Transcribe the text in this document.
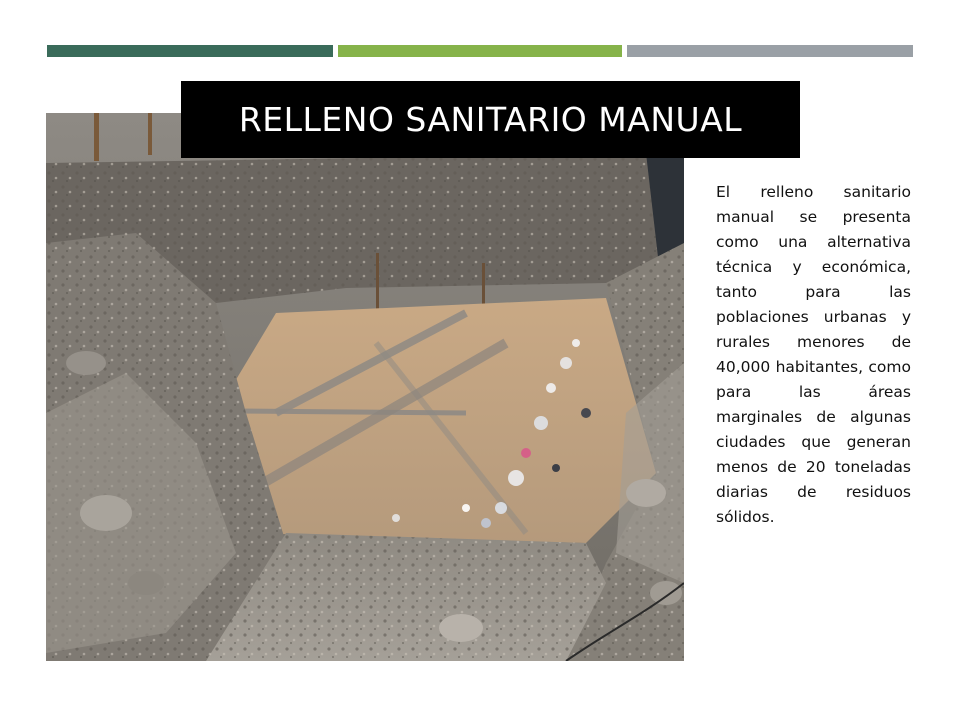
RELLENO SANITARIO MANUAL
El relleno sanitario manual se presenta como una alternativa técnica y económica, tanto para las poblaciones urbanas y rurales menores de 40,000 habitantes, como para las áreas marginales de algunas ciudades que generan menos de 20 toneladas diarias de residuos sólidos.
